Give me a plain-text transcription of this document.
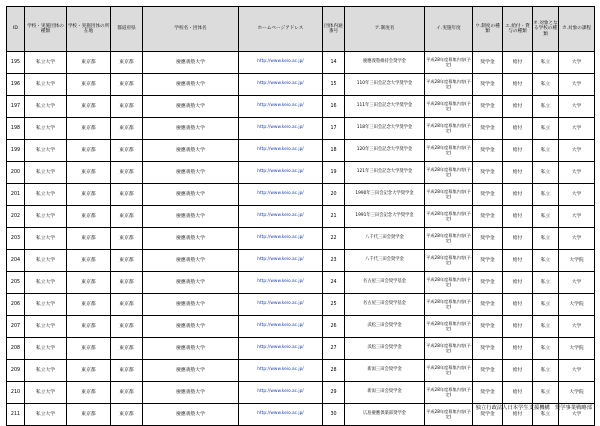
ID	学校・実施団体の種類	学校・実施団体の所在地	都道府県	学校名・団体名	ホームページアドレス	団体内通番号	ア.制度名	イ.実施年度	ウ.制度の種類	エ.給付・貸与の種類	オ.対象となる学校の種類	カ.対象の課程
195	私立大学	東京都	東京都	慶應義塾大学	http://www.keio.ac.jp/	14	慶應義塾維持会奨学金	平成28年度募集内容(予定)	奨学金	給付	私立	大学
196	私立大学	東京都	東京都	慶應義塾大学	http://www.keio.ac.jp/	15	110年三田会記念大学奨学金	平成28年度募集内容(予定)	奨学金	給付	私立	大学
197	私立大学	東京都	東京都	慶應義塾大学	http://www.keio.ac.jp/	16	111年三田会記念大学奨学金	平成28年度募集内容(予定)	奨学金	給付	私立	大学
198	私立大学	東京都	東京都	慶應義塾大学	http://www.keio.ac.jp/	17	118年三田会記念大学奨学金	平成28年度募集内容(予定)	奨学金	給付	私立	大学
199	私立大学	東京都	東京都	慶應義塾大学	http://www.keio.ac.jp/	18	120年三田会記念大学奨学金	平成28年度募集内容(予定)	奨学金	給付	私立	大学
200	私立大学	東京都	東京都	慶應義塾大学	http://www.keio.ac.jp/	19	121年三田会記念大学奨学金	平成28年度募集内容(予定)	奨学金	給付	私立	大学
201	私立大学	東京都	東京都	慶應義塾大学	http://www.keio.ac.jp/	20	1990年三田会記念大学奨学金	平成28年度募集内容(予定)	奨学金	給付	私立	大学
202	私立大学	東京都	東京都	慶應義塾大学	http://www.keio.ac.jp/	21	1991年三田会記念大学奨学金	平成28年度募集内容(予定)	奨学金	給付	私立	大学
203	私立大学	東京都	東京都	慶應義塾大学	http://www.keio.ac.jp/	22	八千代三田会奨学金	平成28年度募集内容(予定)	奨学金	給付	私立	大学
204	私立大学	東京都	東京都	慶應義塾大学	http://www.keio.ac.jp/	23	八千代三田会奨学金	平成28年度募集内容(予定)	奨学金	給付	私立	大学院
205	私立大学	東京都	東京都	慶應義塾大学	http://www.keio.ac.jp/	24	名古屋三田会奨学基金	平成28年度募集内容(予定)	奨学金	給付	私立	大学
206	私立大学	東京都	東京都	慶應義塾大学	http://www.keio.ac.jp/	25	名古屋三田会奨学基金	平成28年度募集内容(予定)	奨学金	給付	私立	大学院
207	私立大学	東京都	東京都	慶應義塾大学	http://www.keio.ac.jp/	26	浜松三田会奨学金	平成28年度募集内容(予定)	奨学金	給付	私立	大学
208	私立大学	東京都	東京都	慶應義塾大学	http://www.keio.ac.jp/	27	浜松三田会奨学金	平成28年度募集内容(予定)	奨学金	給付	私立	大学院
209	私立大学	東京都	東京都	慶應義塾大学	http://www.keio.ac.jp/	28	新潟三田会奨学金	平成28年度募集内容(予定)	奨学金	給付	私立	大学
210	私立大学	東京都	東京都	慶應義塾大学	http://www.keio.ac.jp/	29	新潟三田会奨学金	平成28年度募集内容(予定)	奨学金	給付	私立	大学院
211	私立大学	東京都	東京都	慶應義塾大学	http://www.keio.ac.jp/	30	広島慶應倶楽部奨学金	平成28年度募集内容(予定)	奨学金	給付	私立	大学
独立行政法人日本学生支援機構 奨学事業戦略部
